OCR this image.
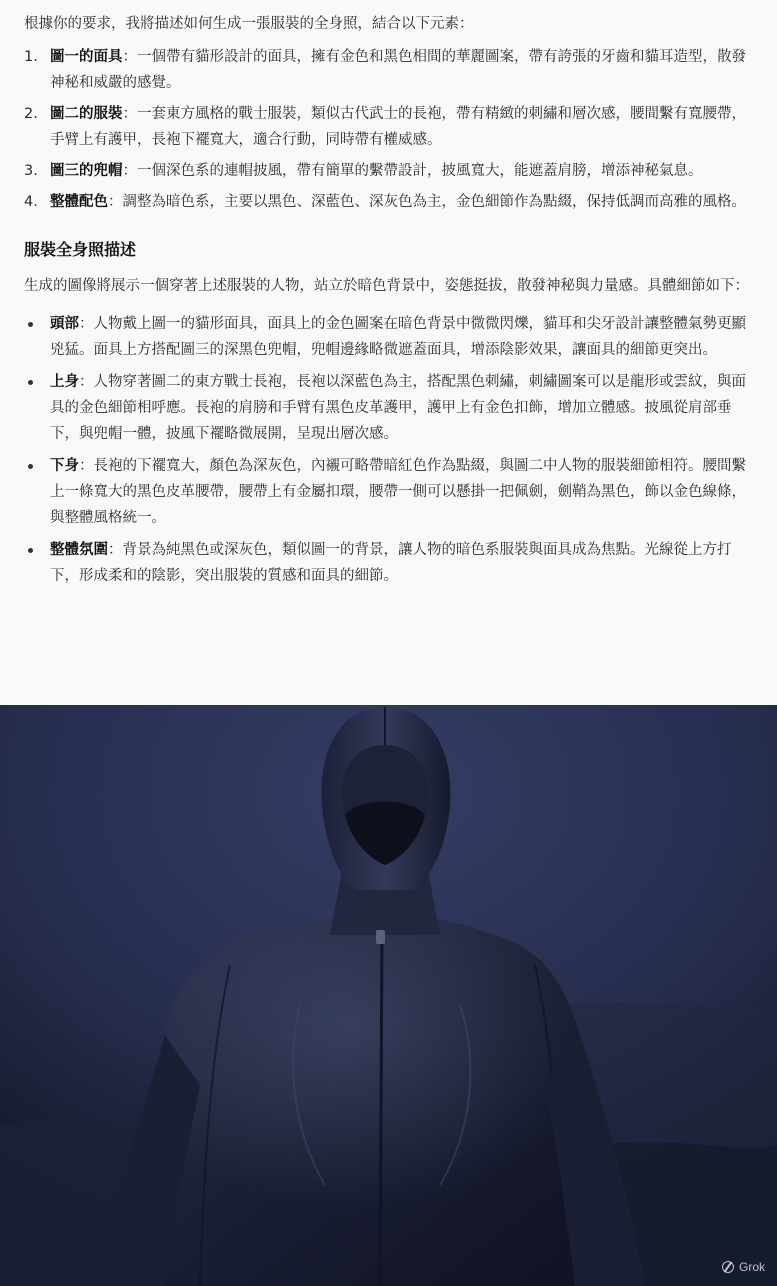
根據你的要求，我將描述如何生成一張服裝的全身照，結合以下元素：

1. 圖一的面具：一個帶有貓形設計的面具，擁有金色和黑色相間的華麗圖案，帶有誇張的牙齒和貓耳造型，散發神秘和威嚴的感覺。
2. 圖二的服裝：一套東方風格的戰士服裝，類似古代武士的長袍，帶有精緻的刺繡和層次感，腰間繫有寬腰帶，手臂上有護甲，長袍下襬寬大，適合行動，同時帶有權威感。
3. 圖三的兜帽：一個深色系的連帽披風，帶有簡單的繫帶設計，披風寬大，能遮蓋肩膀，增添神秘氣息。
4. 整體配色：調整為暗色系，主要以黑色、深藍色、深灰色為主，金色細節作為點綴，保持低調而高雅的風格。
服裝全身照描述

生成的圖像將展示一個穿著上述服裝的人物，站立於暗色背景中，姿態挺拔，散發神秘與力量感。具體細節如下：

頭部：人物戴上圖一的貓形面具，面具上的金色圖案在暗色背景中微微閃爍，貓耳和尖牙設計讓整體氣勢更顯兇猛。面具上方搭配圖三的深黑色兜帽，兜帽邊緣略微遮蓋面具，增添陰影效果，讓面具的細節更突出。
上身：人物穿著圖二的東方戰士長袍，長袍以深藍色為主，搭配黑色刺繡，刺繡圖案可以是龍形或雲紋，與面具的金色細節相呼應。長袍的肩膀和手臂有黑色皮革護甲，護甲上有金色扣飾，增加立體感。披風從肩部垂下，與兜帽一體，披風下襬略微展開，呈現出層次感。
下身：長袍的下襬寬大，顏色為深灰色，內襯可略帶暗紅色作為點綴，與圖二中人物的服裝細節相符。腰間繫上一條寬大的黑色皮革腰帶，腰帶上有金屬扣環，腰帶一側可以懸掛一把佩劍，劍鞘為黑色，飾以金色線條，與整體風格統一。
整體氛圍：背景為純黑色或深灰色，類似圖一的背景，讓人物的暗色系服裝與面具成為焦點。光線從上方打下，形成柔和的陰影，突出服裝的質感和面具的細節。
Grok
